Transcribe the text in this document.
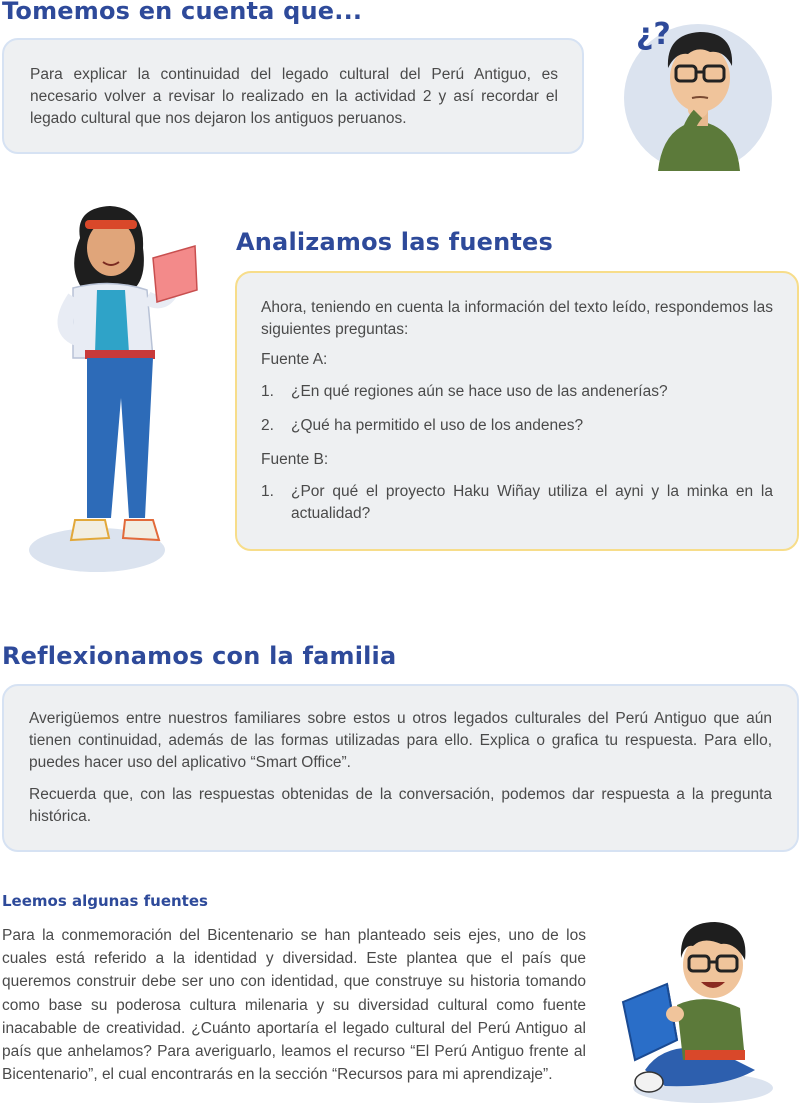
Tomemos en cuenta que...

Para explicar la continuidad del legado cultural del Perú Antiguo, es necesario volver a revisar lo realizado en la actividad 2 y así recordar el legado cultural que nos dejaron los antiguos peruanos.

¿?
Analizamos las fuentes

Ahora, teniendo en cuenta la información del texto leído, respondemos las siguientes preguntas:

Fuente A:

1. ¿En qué regiones aún se hace uso de las andenerías?
2. ¿Qué ha permitido el uso de los andenes?

Fuente B:

1. ¿Por qué el proyecto Haku Wiñay utiliza el ayni y la minka en la actualidad?
Reflexionamos con la familia

Averigüemos entre nuestros familiares sobre estos u otros legados culturales del Perú Antiguo que aún tienen continuidad, además de las formas utilizadas para ello. Explica o grafica tu respuesta. Para ello, puedes hacer uso del aplicativo “Smart Office”.

Recuerda que, con las respuestas obtenidas de la conversación, podemos dar respuesta a la pregunta histórica.

Leemos algunas fuentes
Para la conmemoración del Bicentenario se han planteado seis ejes, uno de los cuales está referido a la identidad y diversidad. Este plantea que el país que queremos construir debe ser uno con identidad, que construye su historia tomando como base su poderosa cultura milenaria y su diversidad cultural como fuente inacabable de creatividad. ¿Cuánto aportaría el legado cultural del Perú Antiguo al país que anhelamos? Para averiguarlo, leamos el recurso “El Perú Antiguo frente al Bicentenario”, el cual encontrarás en la sección “Recursos para mi aprendizaje”.
